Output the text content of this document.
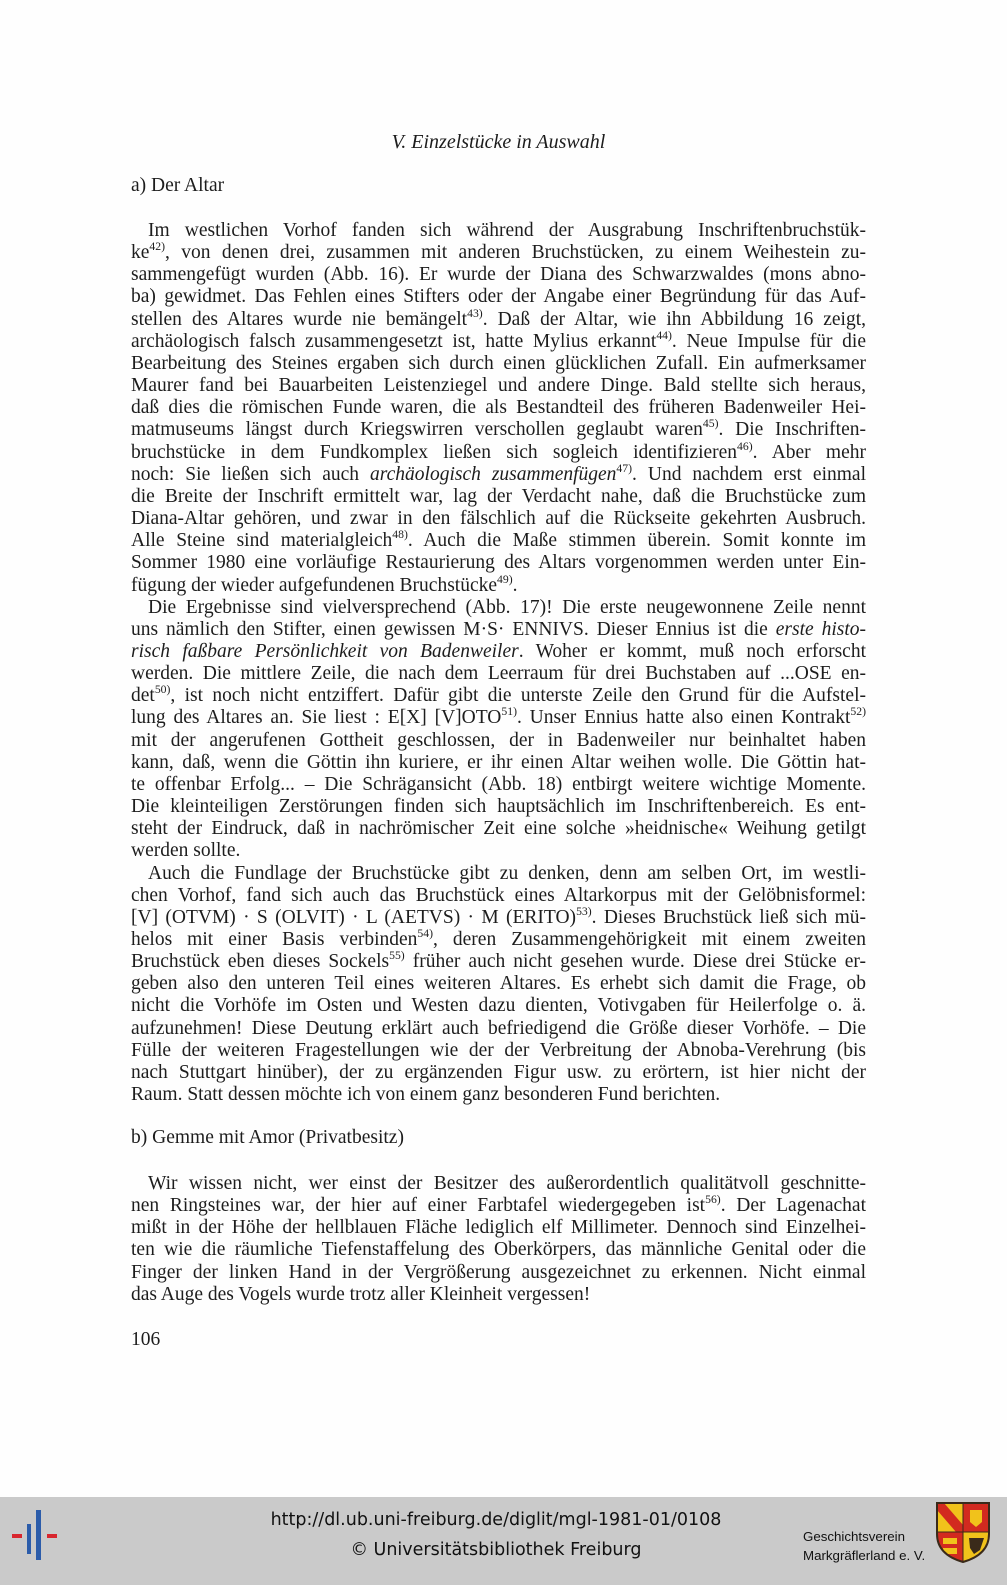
V. Einzelstücke in Auswahl
a) Der Altar
Im westlichen Vorhof fanden sich während der Ausgrabung Inschriftenbruchstük-
$ke^{42)}$, von denen drei, zusammen mit anderen Bruchstücken, zu einem Weihestein zu-
sammengefügt wurden (Abb. 16). Er wurde der Diana des Schwarzwaldes (mons abno-
ba) gewidmet. Das Fehlen eines Stifters oder der Angabe einer Begründung für das Auf-
stellen des Altares wurde nie bemängelt$^{43)}$. Daß der Altar, wie ihn Abbildung 16 zeigt,
archäologisch falsch zusammengesetzt ist, hatte Mylius erkannt$^{44)}$. Neue Impulse für die
Bearbeitung des Steines ergaben sich durch einen glücklichen Zufall. Ein aufmerksamer
Maurer fand bei Bauarbeiten Leistenziegel und andere Dinge. Bald stellte sich heraus,
daß dies die römischen Funde waren, die als Bestandteil des früheren Badenweiler Hei-
matmuseums längst durch Kriegswirren verschollen geglaubt waren$^{45)}$. Die Inschriften-
bruchstücke in dem Fundkomplex ließen sich sogleich identifizieren$^{46)}$. Aber mehr
noch: Sie ließen sich auch archäologisch zusammenfügen$^{47)}$. Und nachdem erst einmal
die Breite der Inschrift ermittelt war, lag der Verdacht nahe, daß die Bruchstücke zum
Diana-Altar gehören, und zwar in den fälschlich auf die Rückseite gekehrten Ausbruch.
Alle Steine sind materialgleich$^{48)}$. Auch die Maße stimmen überein. Somit konnte im
Sommer 1980 eine vorläufige Restaurierung des Altars vorgenommen werden unter Ein-
fügung der wieder aufgefundenen Bruchstücke$^{49)}$.
Die Ergebnisse sind vielversprechend (Abb. 17)! Die erste neugewonnene Zeile nennt
uns nämlich den Stifter, einen gewissen M·S· ENNIVS. Dieser Ennius ist die erste histo-
risch faßbare Persönlichkeit von Badenweiler. Woher er kommt, muß noch erforscht
werden. Die mittlere Zeile, die nach dem Leerraum für drei Buchstaben auf ...OSE en-
$\det^{50)}$, ist noch nicht entziffert. Dafür gibt die unterste Zeile den Grund für die Aufstel-
lung des Altares an. Sie liest : E[X] [V]OTO$^{51)}$. Unser Ennius hatte also einen Kontrakt$^{52)}$
mit der angerufenen Gottheit geschlossen, der in Badenweiler nur beinhaltet haben
kann, daß, wenn die Göttin ihn kuriere, er ihr einen Altar weihen wolle. Die Göttin hat-
te offenbar Erfolg... – Die Schrägansicht (Abb. 18) entbirgt weitere wichtige Momente.
Die kleinteiligen Zerstörungen finden sich hauptsächlich im Inschriftenbereich. Es ent-
steht der Eindruck, daß in nachrömischer Zeit eine solche »heidnische« Weihung getilgt
werden sollte.
Auch die Fundlage der Bruchstücke gibt zu denken, denn am selben Ort, im westli-
chen Vorhof, fand sich auch das Bruchstück eines Altarkorpus mit der Gelöbnisformel:
[V] (OTVM) · S (OLVIT) · L (AETVS) · M (ERITO)$^{53)}$. Dieses Bruchstück ließ sich mü-
helos mit einer Basis verbinden$^{54)}$, deren Zusammengehörigkeit mit einem zweiten
Bruchstück eben dieses Sockels$^{55)}$ früher auch nicht gesehen wurde. Diese drei Stücke er-
geben also den unteren Teil eines weiteren Altares. Es erhebt sich damit die Frage, ob
nicht die Vorhöfe im Osten und Westen dazu dienten, Votivgaben für Heilerfolge o. ä.
aufzunehmen! Diese Deutung erklärt auch befriedigend die Größe dieser Vorhöfe. – Die
Fülle der weiteren Fragestellungen wie der der Verbreitung der Abnoba-Verehrung (bis
nach Stuttgart hinüber), der zu ergänzenden Figur usw. zu erörtern, ist hier nicht der
Raum. Statt dessen möchte ich von einem ganz besonderen Fund berichten.
b) Gemme mit Amor (Privatbesitz)
Wir wissen nicht, wer einst der Besitzer des außerordentlich qualitätvoll geschnitte-
nen Ringsteines war, der hier auf einer Farbtafel wiedergegeben ist$^{56)}$. Der Lagenachat
mißt in der Höhe der hellblauen Fläche lediglich elf Millimeter. Dennoch sind Einzelhei-
ten wie die räumliche Tiefenstaffelung des Oberkörpers, das männliche Genital oder die
Finger der linken Hand in der Vergrößerung ausgezeichnet zu erkennen. Nicht einmal
das Auge des Vogels wurde trotz aller Kleinheit vergessen!
106
http://dl.ub.uni-freiburg.de/diglit/mgl-1981-01/0108
© Universitätsbibliothek Freiburg
Geschichtsverein
Markgräflerland e. V.
